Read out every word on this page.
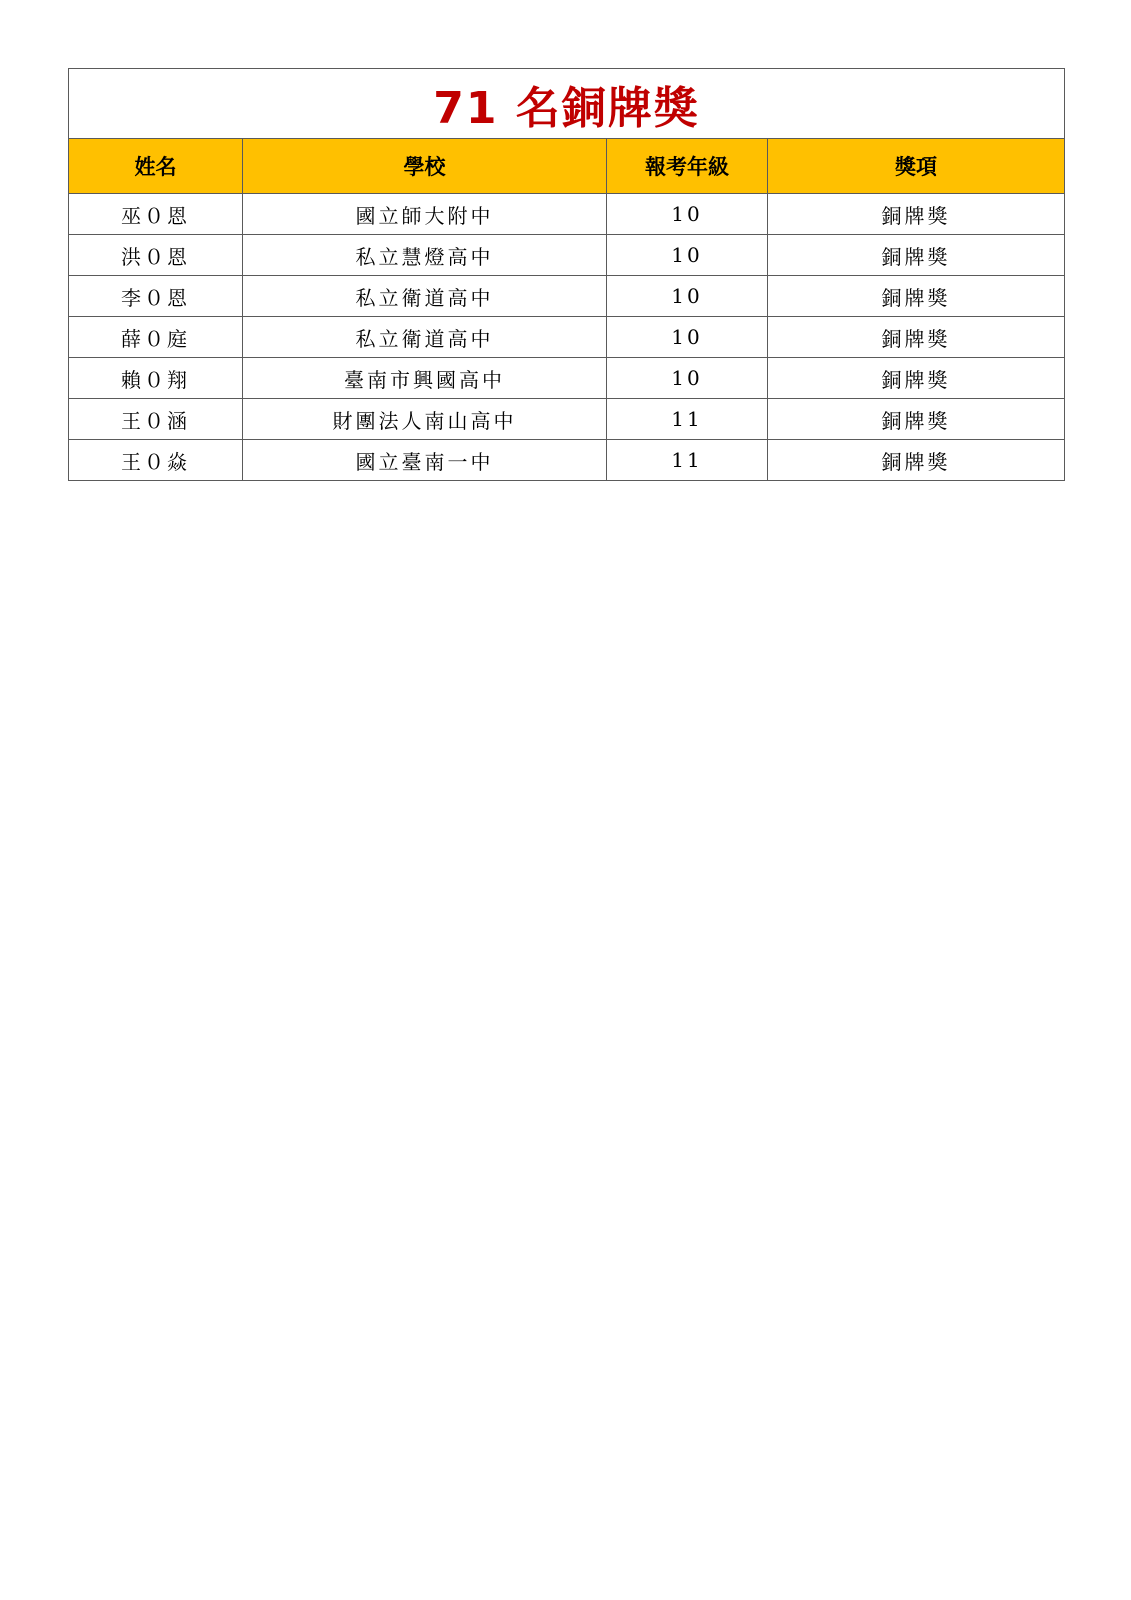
71 名銅牌獎			
姓名	學校	報考年級	獎項
巫０恩	國立師大附中	10	銅牌獎
洪０恩	私立慧燈高中	10	銅牌獎
李０恩	私立衛道高中	10	銅牌獎
薛０庭	私立衛道高中	10	銅牌獎
賴０翔	臺南市興國高中	10	銅牌獎
王０涵	財團法人南山高中	11	銅牌獎
王０焱	國立臺南一中	11	銅牌獎
